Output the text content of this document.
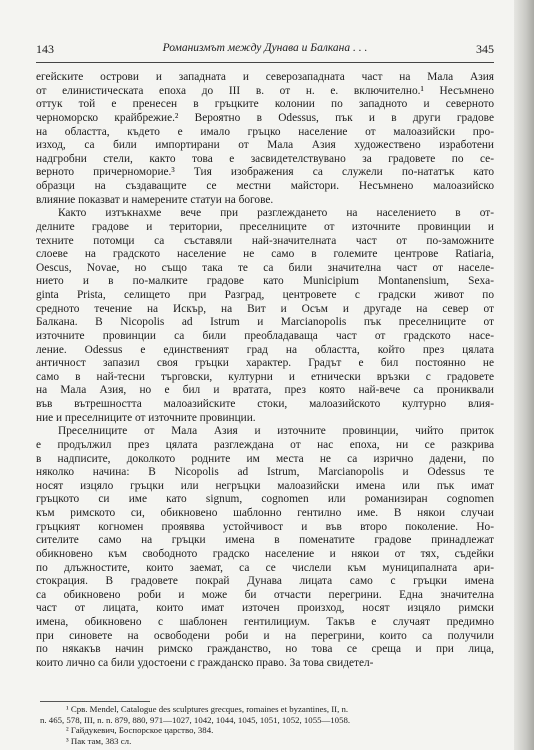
143	Романизмът между Дунава и Балкана . . .	345

егейските острови и западната и северозападната част на Мала Азия
от елинистическата епоха до III в. от н. е. включително.¹ Несъмнено
оттук той е пренесен в гръцките колонии по западното и северното
черноморско крайбрежие.² Вероятно в Odessus, пък и в други градове
на областта, където е имало гръцко население от малоазийски про-
изход, са били импортирани от Мала Азия художествено изработени
надгробни стели, както това е засвидетелствувано за градовете по се-
верното причерноморие.³ Тия изображения са служели по-нататък като
образци на създаващите се местни майстори. Несъмнено малоазийско
влияние показват и намерените статуи на богове.

Както изтъкнахме вече при разглеждането на населението в от-
делните градове и територии, преселниците от източните провинции и
техните потомци са съставяли най-значителната част от по-заможните
слоеве на градското население не само в големите центрове Ratiaria,
Oescus, Novae, но също така те са били значителна част от населе-
нието и в по-малките градове като Municipium Montanensium, Sexa-
ginta Prista, селището при Разград, центровете с градски живот по
средното течение на Искър, на Вит и Осъм и другаде на север от
Балкана. В Nicopolis ad Istrum и Marcianopolis пък преселниците от
източните провинции са били преобладаваща част от градското насе-
ление. Odessus е единственият град на областта, който през цялата
античност запазил своя гръцки характер. Градът е бил постоянно не
само в най-тесни търговски, културни и етнически връзки с градовете
на Мала Азия, но е бил и вратата, през която най-вече са прониквали
във вътрешността малоазийските стоки, малоазийското културно влия-
ние и преселниците от източните провинции.

Преселниците от Мала Азия и източните провинции, чийто приток
е продължил през цялата разглеждана от нас епоха, ни се разкрива
в надписите, доколкото родните им места не са изрично дадени, по
няколко начина: В Nicopolis ad Istrum, Marcianopolis и Odessus те
носят изцяло гръцки или негръцки малоазийски имена или пък имат
гръцкото си име като signum, cognomen или романизиран cognomen
към римското си, обикновено шаблонно гентилно име. В някои случаи
гръцкият когномен проявява устойчивост и във второ поколение. Но-
сителите само на гръцки имена в поменатите градове принадлежат
обикновено към свободното градско население и някои от тях, съдейки
по длъжностите, които заемат, са се числели към муниципалната ари-
стокрация. В градовете покрай Дунава лицата само с гръцки имена
са обикновено роби и може би отчасти перегрини. Една значителна
част от лицата, които имат източен произход, носят изцяло римски
имена, обикновено с шаблонен гентилициум. Такъв е случаят предимно
при синовете на освободени роби и на перегрини, които са получили
по някакъв начин римско гражданство, но това се среща и при лица,
които лично са били удостоени с гражданско право. За това свидетел-

¹ Срв. Mendel, Catalogue des sculptures grecques, romaines et byzantines, II, n.
n. 465, 578, III, n. n. 879, 880, 971—1027, 1042, 1044, 1045, 1051, 1052, 1055—1058.
² Гайдукевич, Боспорское царство, 384.
³ Пак там, 383 сл.
